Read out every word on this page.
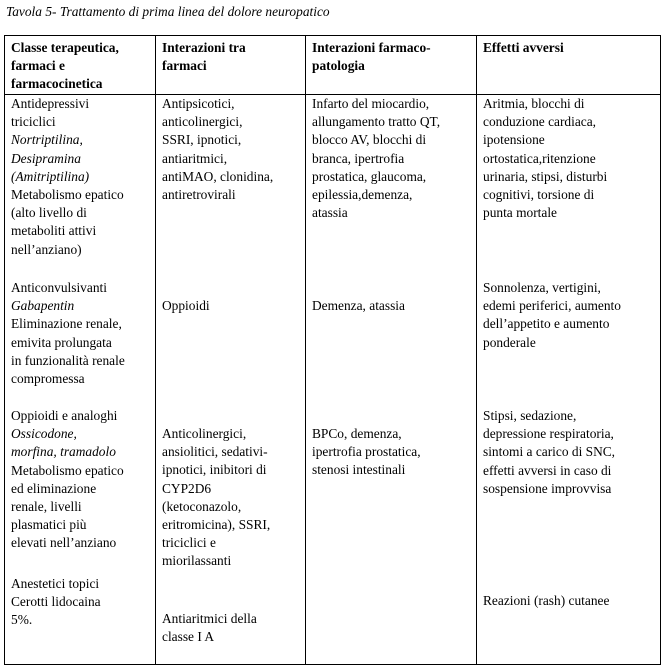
Tavola 5- Trattamento di prima linea del dolore neuropatico
Classe terapeutica,
farmaci e
farmacocinetica
Interazioni tra
farmaci
Interazioni farmaco-
patologia
Effetti avversi
Antidepressivi
triciclici
Nortriptilina,
Desipramina
(Amitriptilina)
Metabolismo epatico
(alto livello di
metaboliti attivi
nell’anziano)
Antipsicotici,
anticolinergici,
SSRI, ipnotici,
antiaritmici,
antiMAO, clonidina,
antiretrovirali
Infarto del miocardio,
allungamento tratto QT,
blocco AV, blocchi di
branca, ipertrofia
prostatica, glaucoma,
epilessia,demenza,
atassia
Aritmia, blocchi di
conduzione cardiaca,
ipotensione
ortostatica,ritenzione
urinaria, stipsi, disturbi
cognitivi, torsione di
punta mortale
Anticonvulsivanti
Gabapentin
Eliminazione renale,
emivita prolungata
in funzionalità renale
compromessa
Oppioidi	Demenza, atassia
Sonnolenza, vertigini,
edemi periferici, aumento
dell’appetito e aumento
ponderale
Oppioidi e analoghi
Ossicodone,
morfina, tramadolo
Metabolismo epatico
ed eliminazione
renale, livelli
plasmatici più
elevati nell’anziano
Anticolinergici,
ansiolitici, sedativi-
ipnotici, inibitori di
CYP2D6
(ketoconazolo,
eritromicina), SSRI,
triciclici e
miorilassanti
BPCo, demenza,
ipertrofia prostatica,
stenosi intestinali
Stipsi, sedazione,
depressione respiratoria,
sintomi a carico di SNC,
effetti avversi in caso di
sospensione improvvisa
Anestetici topici
Cerotti lidocaina
5%.	Antiaritmici della
classe I A
Reazioni (rash) cutanee
